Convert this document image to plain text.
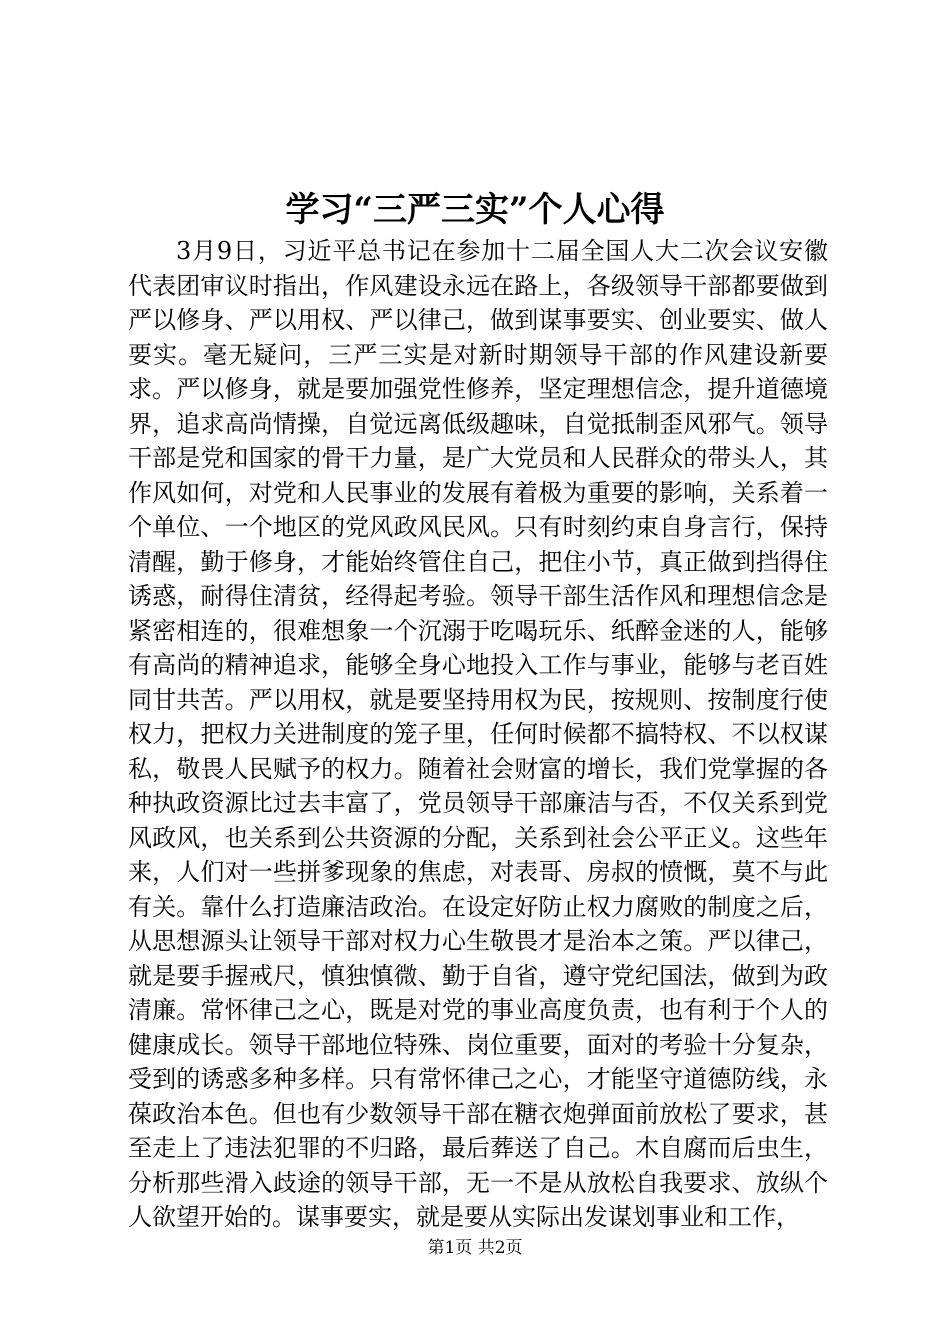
学习“三严三实”个人心得

3月9日，习近平总书记在参加十二届全国人大二次会议安徽代表团审议时指出，作风建设永远在路上，各级领导干部都要做到严以修身、严以用权、严以律己，做到谋事要实、创业要实、做人要实。毫无疑问，三严三实是对新时期领导干部的作风建设新要求。严以修身，就是要加强党性修养，坚定理想信念，提升道德境界，追求高尚情操，自觉远离低级趣味，自觉抵制歪风邪气。领导干部是党和国家的骨干力量，是广大党员和人民群众的带头人，其作风如何，对党和人民事业的发展有着极为重要的影响，关系着一个单位、一个地区的党风政风民风。只有时刻约束自身言行，保持清醒，勤于修身，才能始终管住自己，把住小节，真正做到挡得住诱惑，耐得住清贫，经得起考验。领导干部生活作风和理想信念是紧密相连的，很难想象一个沉溺于吃喝玩乐、纸醉金迷的人，能够有高尚的精神追求，能够全身心地投入工作与事业，能够与老百姓同甘共苦。严以用权，就是要坚持用权为民，按规则、按制度行使权力，把权力关进制度的笼子里，任何时候都不搞特权、不以权谋私，敬畏人民赋予的权力。随着社会财富的增长，我们党掌握的各种执政资源比过去丰富了，党员领导干部廉洁与否，不仅关系到党风政风，也关系到公共资源的分配，关系到社会公平正义。这些年来，人们对一些拼爹现象的焦虑，对表哥、房叔的愤慨，莫不与此有关。靠什么打造廉洁政治。在设定好防止权力腐败的制度之后，从思想源头让领导干部对权力心生敬畏才是治本之策。严以律己，就是要手握戒尺，慎独慎微、勤于自省，遵守党纪国法，做到为政清廉。常怀律己之心，既是对党的事业高度负责，也有利于个人的健康成长。领导干部地位特殊、岗位重要，面对的考验十分复杂，受到的诱惑多种多样。只有常怀律己之心，才能坚守道德防线，永葆政治本色。但也有少数领导干部在糖衣炮弹面前放松了要求，甚至走上了违法犯罪的不归路，最后葬送了自己。木自腐而后虫生，分析那些滑入歧途的领导干部，无一不是从放松自我要求、放纵个人欲望开始的。谋事要实，就是要从实际出发谋划事业和工作，

第1页 共2页
